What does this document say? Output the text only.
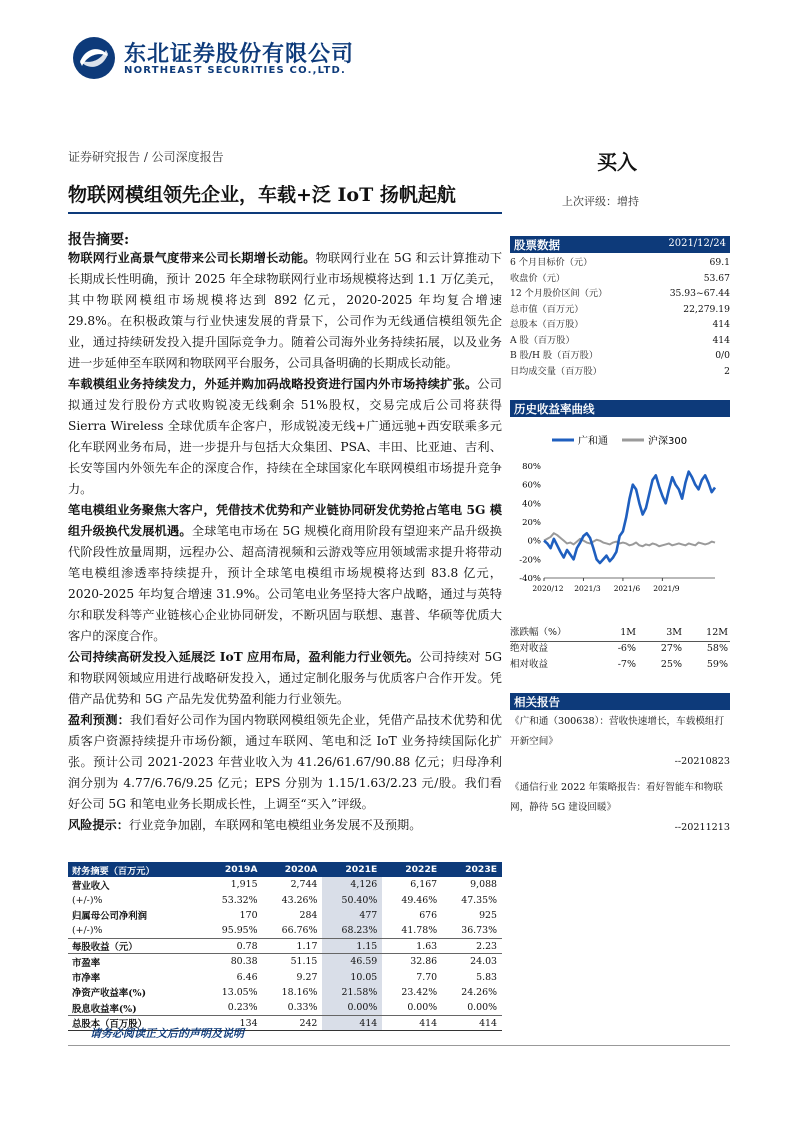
东北证券股份有限公司
NORTHEAST SECURITIES CO.,LTD.
证券研究报告 / 公司深度报告	买入
物联网模组领先企业，车载+泛 IoT 扬帆起航	上次评级：增持
报告摘要:

物联网行业高景气度带来公司长期增长动能。物联网行业在 5G 和云计算推动下长期成长性明确，预计 2025 年全球物联网行业市场规模将达到 1.1 万亿美元，其中物联网模组市场规模将达到 892 亿元，2020-2025 年均复合增速 29.8%。在积极政策与行业快速发展的背景下，公司作为无线通信模组领先企业，通过持续研发投入提升国际竞争力。随着公司海外业务持续拓展，以及业务进一步延伸至车联网和物联网平台服务，公司具备明确的长期成长动能。

车载模组业务持续发力，外延并购加码战略投资进行国内外市场持续扩张。公司拟通过发行股份方式收购锐凌无线剩余 51%股权，交易完成后公司将获得 Sierra Wireless 全球优质车企客户，形成锐凌无线+广通远驰+西安联乘多元化车联网业务布局，进一步提升与包括大众集团、PSA、丰田、比亚迪、吉利、长安等国内外领先车企的深度合作，持续在全球国家化车联网模组市场提升竞争力。

笔电模组业务聚焦大客户，凭借技术优势和产业链协同研发优势抢占笔电 5G 模组升级换代发展机遇。全球笔电市场在 5G 规模化商用阶段有望迎来产品升级换代阶段性放量周期，远程办公、超高清视频和云游戏等应用领域需求提升将带动笔电模组渗透率持续提升，预计全球笔电模组市场规模将达到 83.8 亿元，2020-2025 年均复合增速 31.9%。公司笔电业务坚持大客户战略，通过与英特尔和联发科等产业链核心企业协同研发，不断巩固与联想、惠普、华硕等优质大客户的深度合作。

公司持续高研发投入延展泛 IoT 应用布局，盈利能力行业领先。公司持续对 5G 和物联网领域应用进行战略研发投入，通过定制化服务与优质客户合作开发。凭借产品优势和 5G 产品先发优势盈利能力行业领先。

盈利预测：我们看好公司作为国内物联网模组领先企业，凭借产品技术优势和优质客户资源持续提升市场份额，通过车联网、笔电和泛 IoT 业务持续国际化扩张。预计公司 2021-2023 年营业收入为 41.26/61.67/90.88 亿元；归母净利润分别为 4.77/6.76/9.25 亿元；EPS 分别为 1.15/1.63/2.23 元/股。我们看好公司 5G 和笔电业务长期成长性，上调至“买入”评级。

风险提示：行业竞争加剧，车联网和笔电模组业务发展不及预期。

股票数据	2021/12/24
6 个月目标价（元）	69.1
收盘价（元）	53.67
12 个月股价区间（元）	35.93~67.44
总市值（百万元）	22,279.19
总股本（百万股）	414
A 股（百万股）	414
B 股/H 股（百万股）	0/0
日均成交量（百万股）	2
历史收益率曲线
广和通	沪深300
80%
60%
40%
20%
0%
-20%
-40%
2020/12 2021/3 2021/6 2021/9
涨跌幅（%）	1M	3M	12M
绝对收益	-6%	27%	58%
相对收益	-7%	25%	59%
相关报告
《广和通（300638）：营收快速增长，车载模组打开新空间》
--20210823
《通信行业 2022 年策略报告：看好智能车和物联网，静待 5G 建设回暖》
--20211213
财务摘要（百万元）	2019A	2020A	2021E	2022E	2023E
营业收入	1,915	2,744	4,126	6,167	9,088
(+/-)%	53.32%	43.26%	50.40%	49.46%	47.35%
归属母公司净利润	170	284	477	676	925
(+/-)%	95.95%	66.76%	68.23%	41.78%	36.73%
每股收益（元）	0.78	1.17	1.15	1.63	2.23
市盈率	80.38	51.15	46.59	32.86	24.03
市净率	6.46	9.27	10.05	7.70	5.83
净资产收益率(%)	13.05%	18.16%	21.58%	23.42%	24.26%
股息收益率(%)	0.23%	0.33%	0.00%	0.00%	0.00%
总股本（百万股）	134	242	414	414	414
请务必阅读正文后的声明及说明
